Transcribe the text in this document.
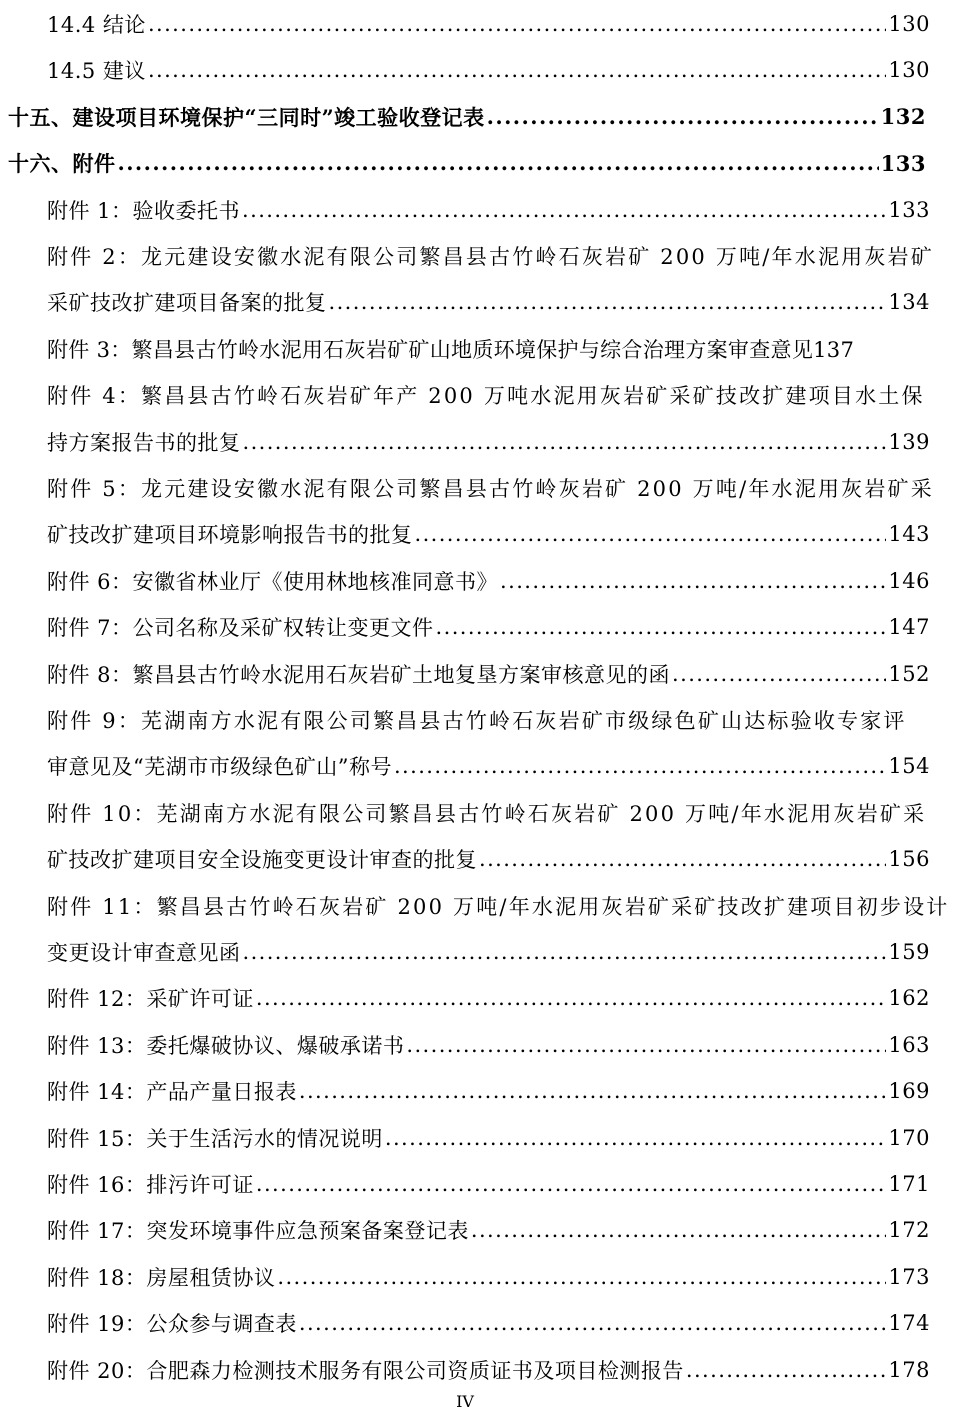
14.4 结论 .....	130
14.5 建议 .....	130
十五、建设项目环境保护“三同时”竣工验收登记表 .....	132
十六、附件 .....	133
附件 1：验收委托书 .....	133
附件 2：龙元建设安徽水泥有限公司繁昌县古竹岭石灰岩矿 200 万吨/年水泥用灰岩矿
采矿技改扩建项目备案的批复 .....	134
附件 3：繁昌县古竹岭水泥用石灰岩矿矿山地质环境保护与综合治理方案审查意见137
附件 4：繁昌县古竹岭石灰岩矿年产 200 万吨水泥用灰岩矿采矿技改扩建项目水土保
持方案报告书的批复 .....	139
附件 5：龙元建设安徽水泥有限公司繁昌县古竹岭灰岩矿 200 万吨/年水泥用灰岩矿采
矿技改扩建项目环境影响报告书的批复 .....	143
附件 6：安徽省林业厅《使用林地核准同意书》 .....	146
附件 7：公司名称及采矿权转让变更文件 .....	147
附件 8：繁昌县古竹岭水泥用石灰岩矿土地复垦方案审核意见的函 .....	152
附件 9：芜湖南方水泥有限公司繁昌县古竹岭石灰岩矿市级绿色矿山达标验收专家评
审意见及“芜湖市市级绿色矿山”称号 .....	154
附件 10：芜湖南方水泥有限公司繁昌县古竹岭石灰岩矿 200 万吨/年水泥用灰岩矿采
矿技改扩建项目安全设施变更设计审查的批复 .....	156
附件 11：繁昌县古竹岭石灰岩矿 200 万吨/年水泥用灰岩矿采矿技改扩建项目初步设计
变更设计审查意见函 .....	159
附件 12：采矿许可证 .....	162
附件 13：委托爆破协议、爆破承诺书 .....	163
附件 14：产品产量日报表 .....	169
附件 15：关于生活污水的情况说明 .....	170
附件 16：排污许可证 .....	171
附件 17：突发环境事件应急预案备案登记表 .....	172
附件 18：房屋租赁协议 .....	173
附件 19：公众参与调查表 .....	174
附件 20：合肥森力检测技术服务有限公司资质证书及项目检测报告 .....	178
IV
